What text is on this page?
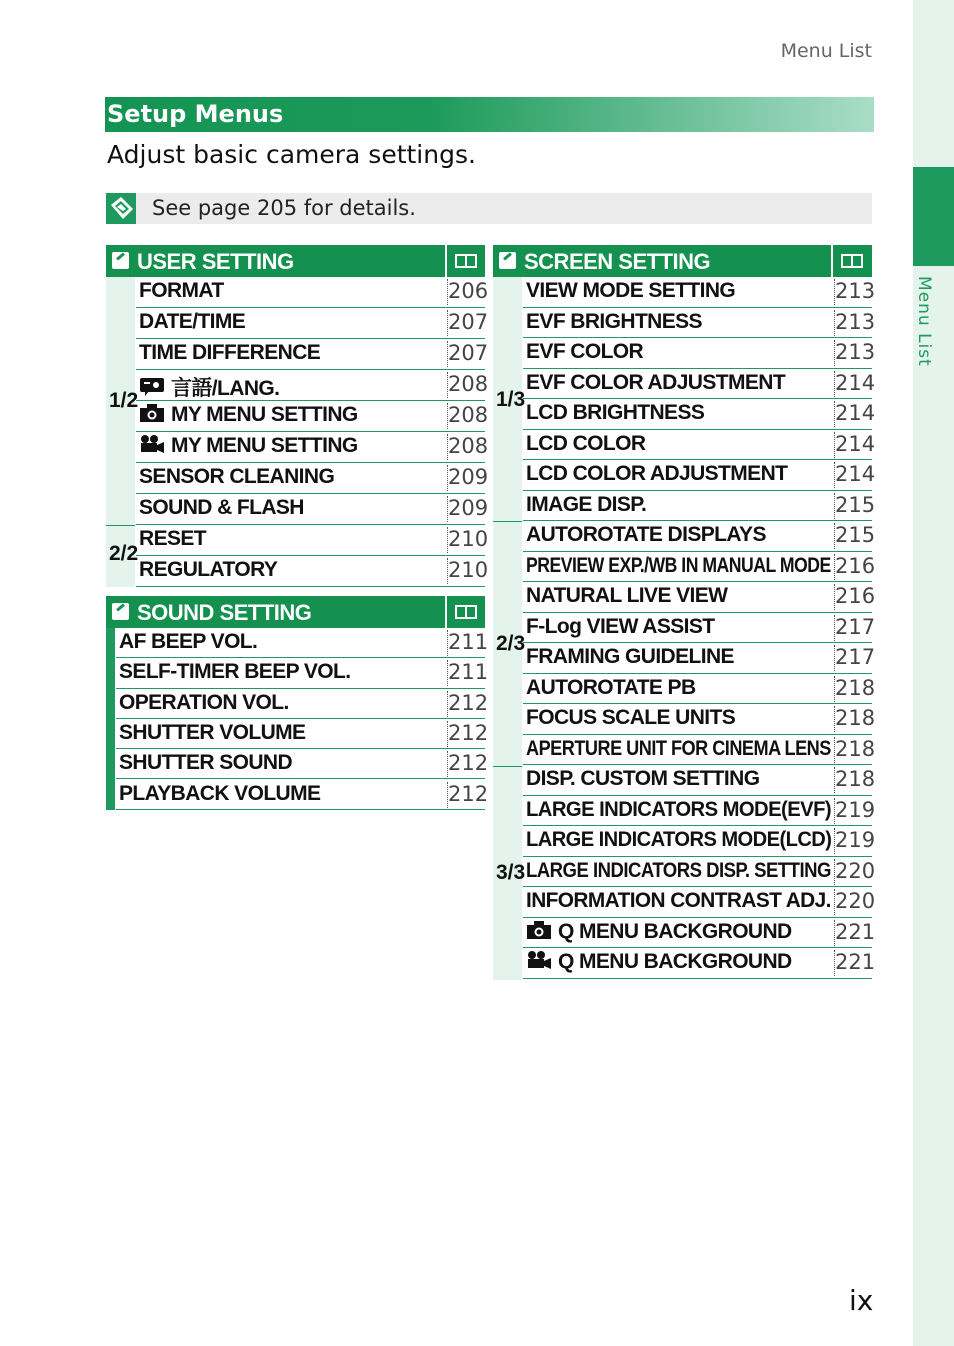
Menu List
Menu List
Setup Menus
Adjust basic camera settings.
See page 205 for details.
USER SETTING
1/2
2/2
FORMAT	206
DATE/TIME	207
TIME DIFFERENCE	207
言語/LANG.	208
MY MENU SETTING	208
MY MENU SETTING	208
SENSOR CLEANING	209
SOUND & FLASH	209
RESET	210
REGULATORY	210
SOUND SETTING
AF BEEP VOL.	211
SELF-TIMER BEEP VOL.	211
OPERATION VOL.	212
SHUTTER VOLUME	212
SHUTTER SOUND	212
PLAYBACK VOLUME	212
SCREEN SETTING
1/3
2/3
3/3
VIEW MODE SETTING	213
EVF BRIGHTNESS	213
EVF COLOR	213
EVF COLOR ADJUSTMENT 214
LCD BRIGHTNESS	214
LCD COLOR	214
LCD COLOR ADJUSTMENT 214
IMAGE DISP.	215
AUTOROTATE DISPLAYS	215
PREVIEW EXP./WB IN MANUAL MODE 216
NATURAL LIVE VIEW	216
F-Log VIEW ASSIST	217
FRAMING GUIDELINE	217
AUTOROTATE PB	218
FOCUS SCALE UNITS	218
APERTURE UNIT FOR CINEMA LENS 218
DISP. CUSTOM SETTING	218
LARGE INDICATORS MODE(EVF) 219
LARGE INDICATORS MODE(LCD) 219
LARGE INDICATORS DISP. SETTING 220
INFORMATION CONTRAST ADJ. 220
Q MENU BACKGROUND 221
Q MENU BACKGROUND 221
ix
